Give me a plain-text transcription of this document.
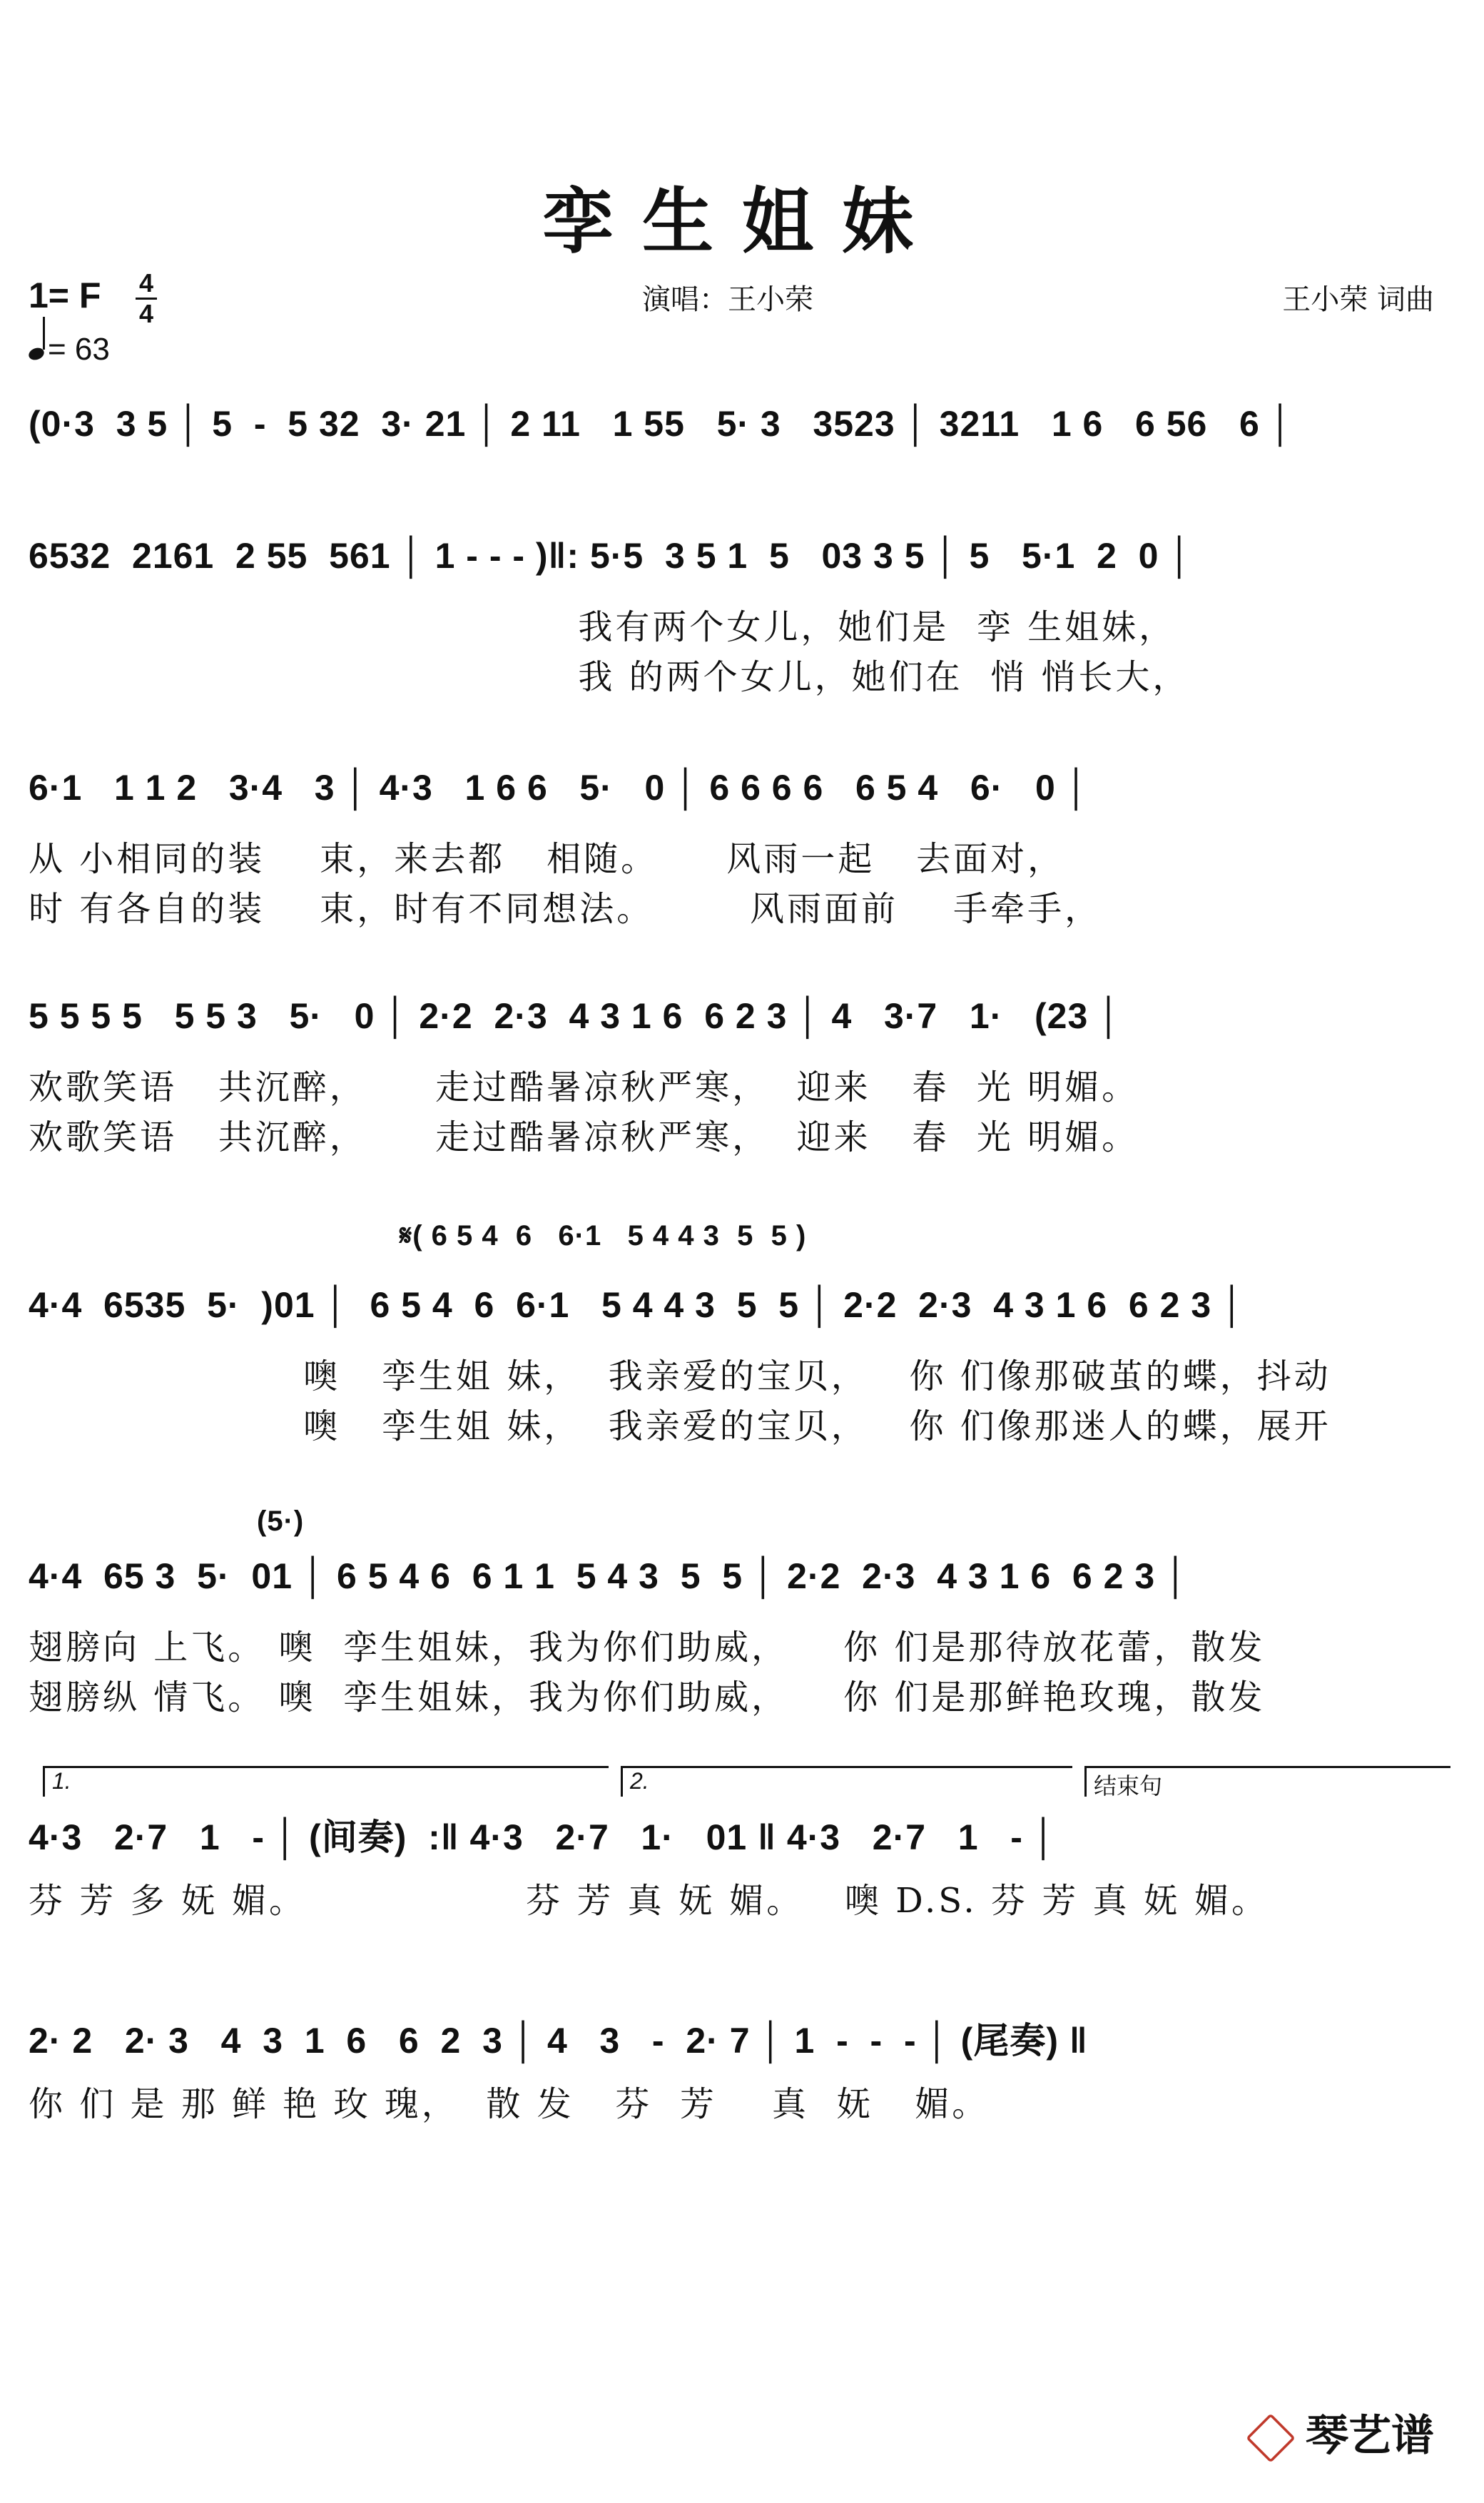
孪生姐妹
1= F 4
4
= 63
演唱：王小荣	王小荣 词曲
(0·3  3 5 │ 5  -  5 32  3· 21 │ 2 11   1 55   5· 3   3523 │ 3211   1 6   6 56   6 │
6532  2161  2 55  561 │ 1 - - - )‖: 5·5  3 5 1  5   03 3 5 │ 5   5·1  2  0 │
我有两个女儿，她们是  孪 生姐妹，
我 的两个女儿，她们在  悄 悄长大，
6·1   1 1 2   3·4   3 │ 4·3   1 6 6   5·   0 │ 6 6 6 6   6 5 4   6·   0 │
从 小相同的装    束，来去都   相随。     风雨一起   去面对，
时 有各自的装    束，时有不同想法。       风雨面前    手牵手，
5 5 5 5   5 5 3   5·   0 │ 2·2  2·3  4 3 1 6  6 2 3 │ 4   3·7   1·   (23 │
欢歌笑语   共沉醉，     走过酷暑凉秋严寒，  迎来   春  光 明媚。
欢歌笑语   共沉醉，     走过酷暑凉秋严寒，  迎来   春  光 明媚。
𝄋( 6 5 4  6   6·1   5 4 4 3  5  5 )
4·4  6535  5·  )01 │  6 5 4  6  6·1   5 4 4 3  5  5 │ 2·2  2·3  4 3 1 6  6 2 3 │
噢   孪生姐 妹，  我亲爱的宝贝，   你 们像那破茧的蝶，抖动
噢   孪生姐 妹，  我亲爱的宝贝，   你 们像那迷人的蝶，展开
(5·)
4·4  65 3  5·  01 │ 6 5 4 6  6 1 1  5 4 3  5  5 │ 2·2  2·3  4 3 1 6  6 2 3 │
翅膀向 上飞。 噢  孪生姐妹，我为你们助威，    你 们是那待放花蕾，散发
翅膀纵 情飞。 噢  孪生姐妹，我为你们助威，    你 们是那鲜艳玫瑰，散发
1.	2.	结束句
4·3   2·7   1   - │ (间奏)  :‖ 4·3   2·7   1·   01 ‖ 4·3   2·7   1   - │
芬 芳 多 妩 媚。                芬 芳 真 妩 媚。   噢 D.S. 芬 芳 真 妩 媚。
2· 2   2· 3   4  3  1  6   6  2  3 │ 4   3   -  2· 7 │ 1  -  -  - │ (尾奏) ‖
你 们 是 那 鲜 艳 玫 瑰，  散 发   芬  芳    真  妩   媚。
琴艺谱
